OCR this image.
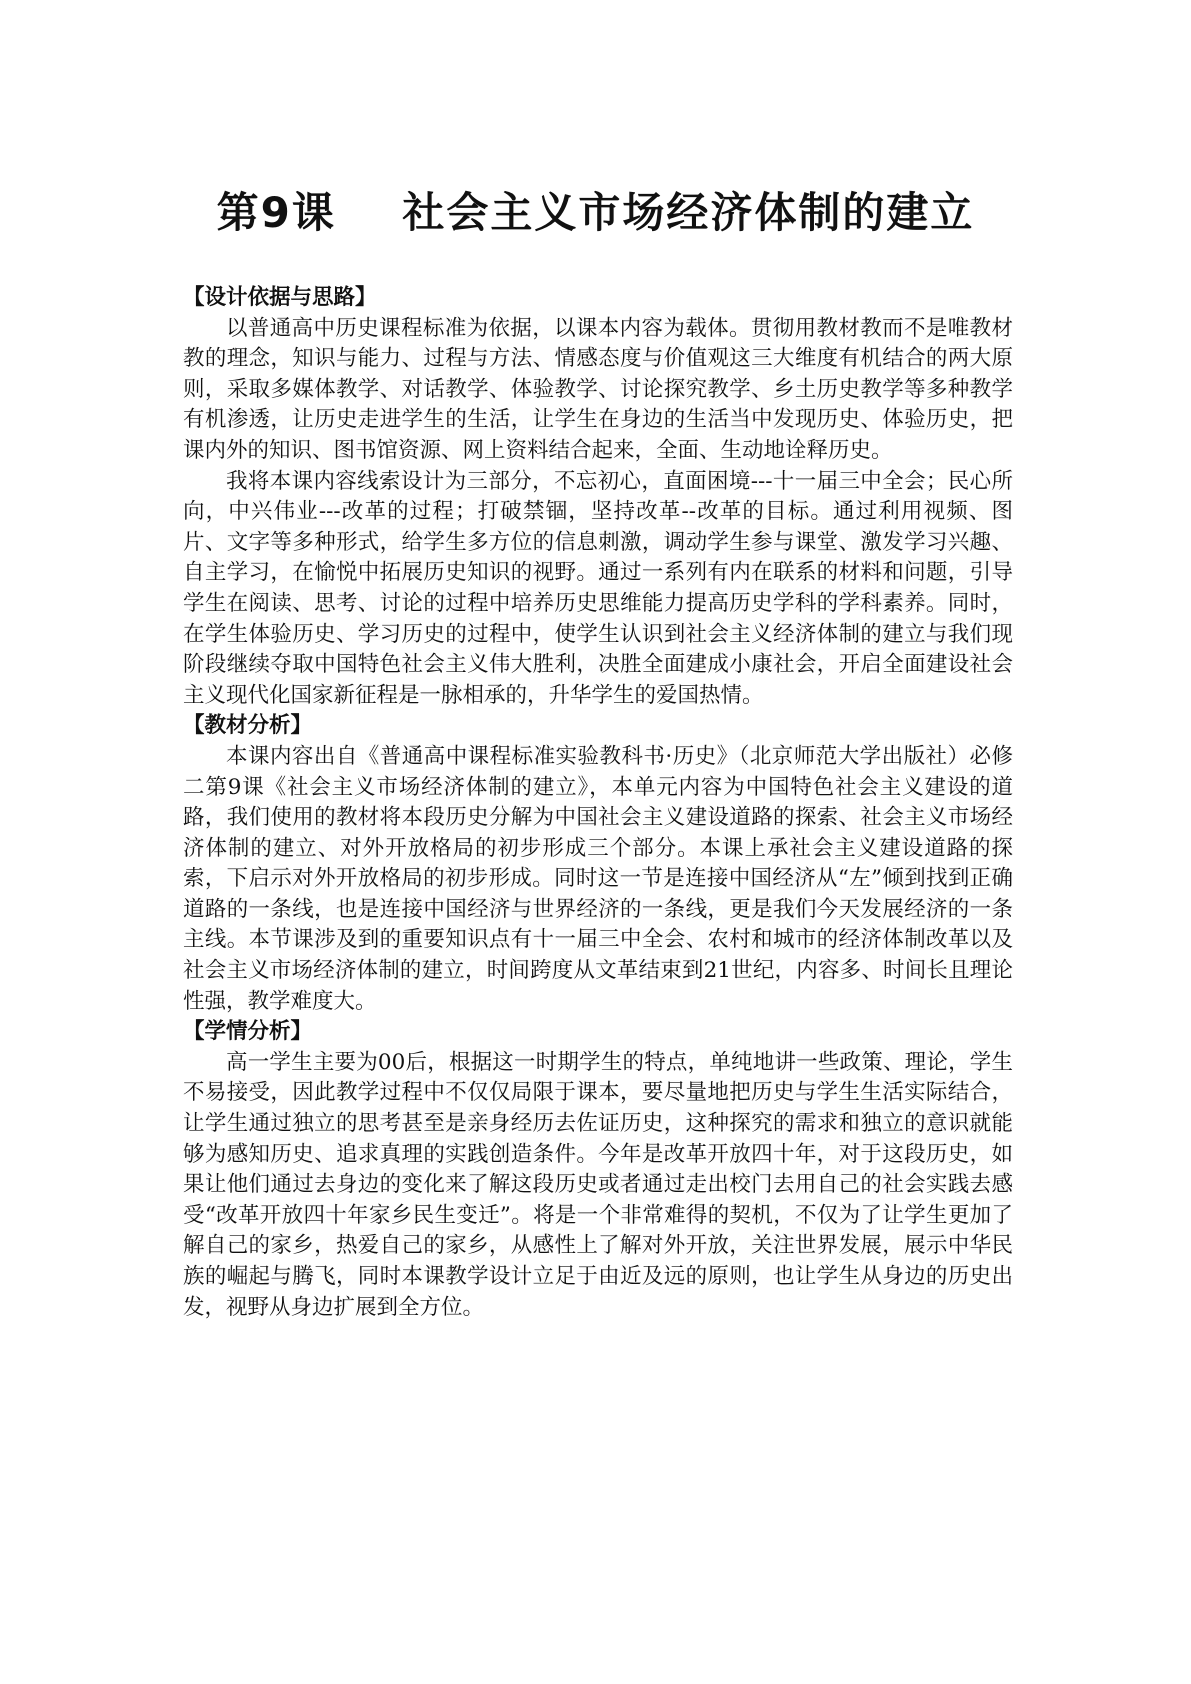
第9课    社会主义市场经济体制的建立
【设计依据与思路】

以普通高中历史课程标准为依据，以课本内容为载体。贯彻用教材教而不是唯教材教的理念，知识与能力、过程与方法、情感态度与价值观这三大维度有机结合的两大原则，采取多媒体教学、对话教学、体验教学、讨论探究教学、乡土历史教学等多种教学有机渗透，让历史走进学生的生活，让学生在身边的生活当中发现历史、体验历史，把课内外的知识、图书馆资源、网上资料结合起来，全面、生动地诠释历史。

我将本课内容线索设计为三部分，不忘初心，直面困境---十一届三中全会；民心所向，中兴伟业---改革的过程；打破禁锢，坚持改革--改革的目标。通过利用视频、图片、文字等多种形式，给学生多方位的信息刺激，调动学生参与课堂、激发学习兴趣、自主学习，在愉悦中拓展历史知识的视野。通过一系列有内在联系的材料和问题，引导学生在阅读、思考、讨论的过程中培养历史思维能力提高历史学科的学科素养。同时，在学生体验历史、学习历史的过程中，使学生认识到社会主义经济体制的建立与我们现阶段继续夺取中国特色社会主义伟大胜利，决胜全面建成小康社会，开启全面建设社会主义现代化国家新征程是一脉相承的，升华学生的爱国热情。

【教材分析】

本课内容出自《普通高中课程标准实验教科书·历史》（北京师范大学出版社）必修二第9课《社会主义市场经济体制的建立》，本单元内容为中国特色社会主义建设的道路，我们使用的教材将本段历史分解为中国社会主义建设道路的探索、社会主义市场经济体制的建立、对外开放格局的初步形成三个部分。本课上承社会主义建设道路的探索，下启示对外开放格局的初步形成。同时这一节是连接中国经济从“左”倾到找到正确道路的一条线，也是连接中国经济与世界经济的一条线，更是我们今天发展经济的一条主线。本节课涉及到的重要知识点有十一届三中全会、农村和城市的经济体制改革以及社会主义市场经济体制的建立，时间跨度从文革结束到21世纪，内容多、时间长且理论性强，教学难度大。

【学情分析】

高一学生主要为00后，根据这一时期学生的特点，单纯地讲一些政策、理论，学生不易接受，因此教学过程中不仅仅局限于课本，要尽量地把历史与学生生活实际结合，让学生通过独立的思考甚至是亲身经历去佐证历史，这种探究的需求和独立的意识就能够为感知历史、追求真理的实践创造条件。今年是改革开放四十年，对于这段历史，如果让他们通过去身边的变化来了解这段历史或者通过走出校门去用自己的社会实践去感受“改革开放四十年家乡民生变迁”。将是一个非常难得的契机，不仅为了让学生更加了解自己的家乡，热爱自己的家乡，从感性上了解对外开放，关注世界发展，展示中华民族的崛起与腾飞，同时本课教学设计立足于由近及远的原则，也让学生从身边的历史出发，视野从身边扩展到全方位。
